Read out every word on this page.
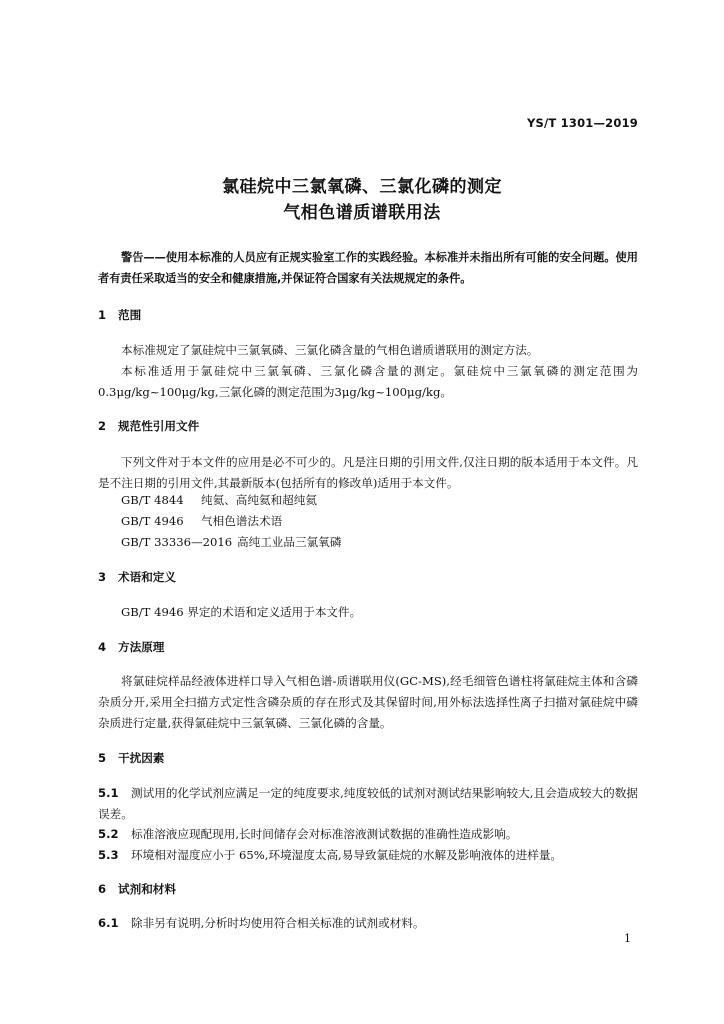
YS/T 1301—2019
氯硅烷中三氯氧磷、三氯化磷的测定
气相色谱质谱联用法
警告——使用本标准的人员应有正规实验室工作的实践经验。本标准并未指出所有可能的安全问题。使用者有责任采取适当的安全和健康措施,并保证符合国家有关法规规定的条件。
1 范围
本标准规定了氯硅烷中三氯氧磷、三氯化磷含量的气相色谱质谱联用的测定方法。
本标准适用于氯硅烷中三氯氧磷、三氯化磷含量的测定。氯硅烷中三氯氧磷的测定范围为0.3μg/kg~100μg/kg,三氯化磷的测定范围为3μg/kg~100μg/kg。
2 规范性引用文件
下列文件对于本文件的应用是必不可少的。凡是注日期的引用文件,仅注日期的版本适用于本文件。凡是不注日期的引用文件,其最新版本(包括所有的修改单)适用于本文件。
GB/T 4844 纯氦、高纯氦和超纯氦
GB/T 4946 气相色谱法术语
GB/T 33336—2016 高纯工业品三氯氧磷
3 术语和定义
GB/T 4946 界定的术语和定义适用于本文件。
4 方法原理
将氯硅烷样品经液体进样口导入气相色谱-质谱联用仪(GC-MS),经毛细管色谱柱将氯硅烷主体和含磷杂质分开,采用全扫描方式定性含磷杂质的存在形式及其保留时间,用外标法选择性离子扫描对氯硅烷中磷杂质进行定量,获得氯硅烷中三氯氧磷、三氯化磷的含量。
5 干扰因素
5.1 测试用的化学试剂应满足一定的纯度要求,纯度较低的试剂对测试结果影响较大,且会造成较大的数据误差。
5.2 标准溶液应现配现用,长时间储存会对标准溶液测试数据的准确性造成影响。
5.3 环境相对湿度应小于 65%,环境湿度太高,易导致氯硅烷的水解及影响液体的进样量。
6 试剂和材料
6.1 除非另有说明,分析时均使用符合相关标准的试剂或材料。
1
